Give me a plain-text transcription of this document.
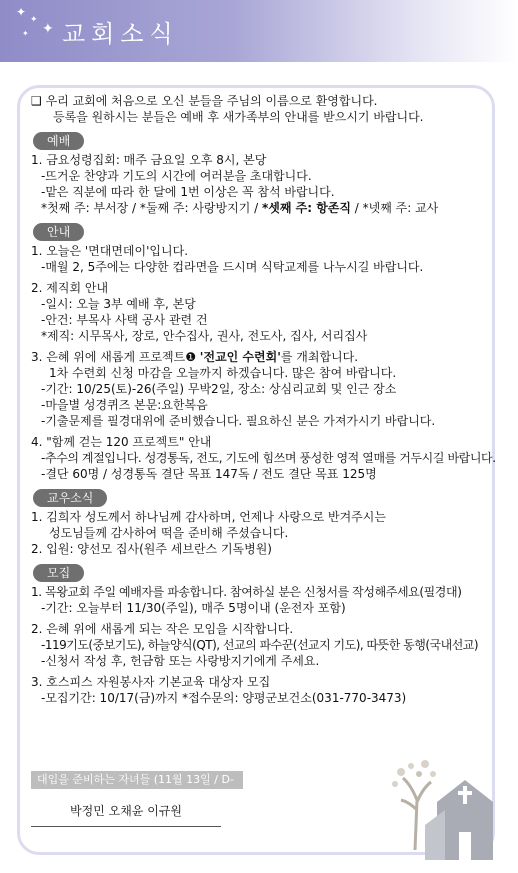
✦
✦
✦
✦ 교회소식

❑ 우리 교회에 처음으로 오신 분들을 주님의 이름으로 환영합니다.

등록을 원하시는 분들은 예배 후 새가족부의 안내를 받으시기 바랍니다.

예배

1. 금요성령집회: 매주 금요일 오후 8시, 본당

-뜨거운 찬양과 기도의 시간에 여러분을 초대합니다.

-맡은 직분에 따라 한 달에 1번 이상은 꼭 참석 바랍니다.

*첫째 주: 부서장 / *둘째 주: 사랑방지기 / *셋째 주: 항존직 / *넷째 주: 교사

안내

1. 오늘은 '면대면데이'입니다.

-매월 2, 5주에는 다양한 컵라면을 드시며 식탁교제를 나누시길 바랍니다.

2. 제직회 안내

-일시: 오늘 3부 예배 후, 본당

-안건: 부목사 사택 공사 관련 건

*제직: 시무목사, 장로, 안수집사, 권사, 전도사, 집사, 서리집사

3. 은혜 위에 새롭게 프로젝트❶ '전교인 수련회'를 개최합니다.

1차 수련회 신청 마감을 오늘까지 하겠습니다. 많은 참여 바랍니다.

-기간: 10/25(토)-26(주일) 무박2일, 장소: 상심리교회 및 인근 장소

-마을별 성경퀴즈 본문:요한복음

-기출문제를 필경대위에 준비했습니다. 필요하신 분은 가져가시기 바랍니다.

4. "함께 걷는 120 프로젝트" 안내

-추수의 계절입니다. 성경통독, 전도, 기도에 힘쓰며 풍성한 영적 열매를 거두시길 바랍니다.

-결단 60명 / 성경통독 결단 목표 147독 / 전도 결단 목표 125명

교우소식

1. 김희자 성도께서 하나님께 감사하며, 언제나 사랑으로 반겨주시는

성도님들께 감사하여 떡을 준비해 주셨습니다.

2. 입원: 양선모 집사(원주 세브란스 기독병원)

모집

1. 목왕교회 주일 예배자를 파송합니다. 참여하실 분은 신청서를 작성해주세요(필경대)

-기간: 오늘부터 11/30(주일), 매주 5명이내 (운전자 포함)

2. 은혜 위에 새롭게 되는 작은 모임을 시작합니다.

-119기도(중보기도), 하늘양식(QT), 선교의 파수꾼(선교지 기도), 따뜻한 동행(국내선교)

-신청서 작성 후, 헌금함 또는 사랑방지기에게 주세요.

3. 호스피스 자원봉사자 기본교육 대상자 모집

-모집기간: 10/17(금)까지 *접수문의: 양평군보건소(031-770-3473)

대입을 준비하는 자녀들 (11월 13일 / D-32)
박정민 오채윤 이규원
